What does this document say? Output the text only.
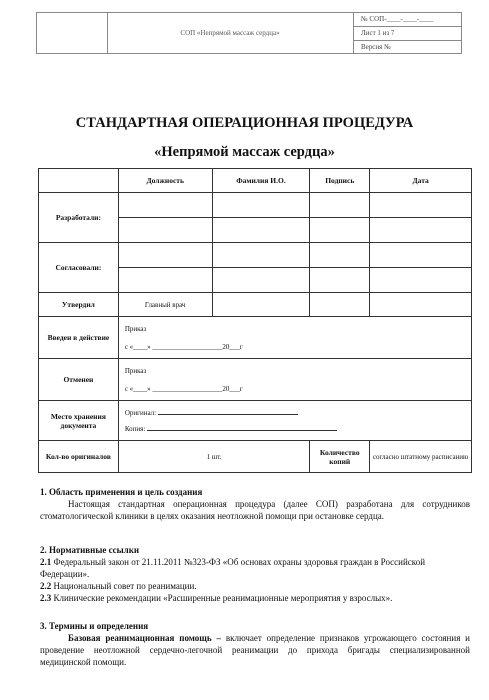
СОП «Непрямой массаж сердца»
№ СОП-____-____-____
Лист 1 из 7
Версия №
СТАНДАРТНАЯ ОПЕРАЦИОННАЯ ПРОЦЕДУРА
«Непрямой массаж сердца»
	Должность	Фамилия И.О.	Подпись	Дата
Разработали:				

Согласовали:				

Утвердил	Главный врач			
Введен в действие	Приказ
с «____» ____________________20___г			

Отменен	Приказ
с «____» ____________________20___г			

Место хранения документа	Оригинал:
Копия:			

Кол-во оригиналов	1 шт.		Количество копий	согласно штатному расписанию
1. Область применения и цель создания
Настоящая стандартная операционная процедура (далее СОП) разработана для сотрудников стоматологической клиники в целях оказания неотложной помощи при остановке сердца.
2. Нормативные ссылки
2.1 Федеральный закон от 21.11.2011 №323-ФЗ «Об основах охраны здоровья граждан в Российской Федерации».
2.2 Национальный совет по реанимации.
2.3 Клинические рекомендации «Расширенные реанимационные мероприятия у взрослых».
3. Термины и определения
Базовая реанимационная помощь – включает определение признаков угрожающего состояния и проведение неотложной сердечно-легочной реанимации до прихода бригады специализированной медицинской помощи.
